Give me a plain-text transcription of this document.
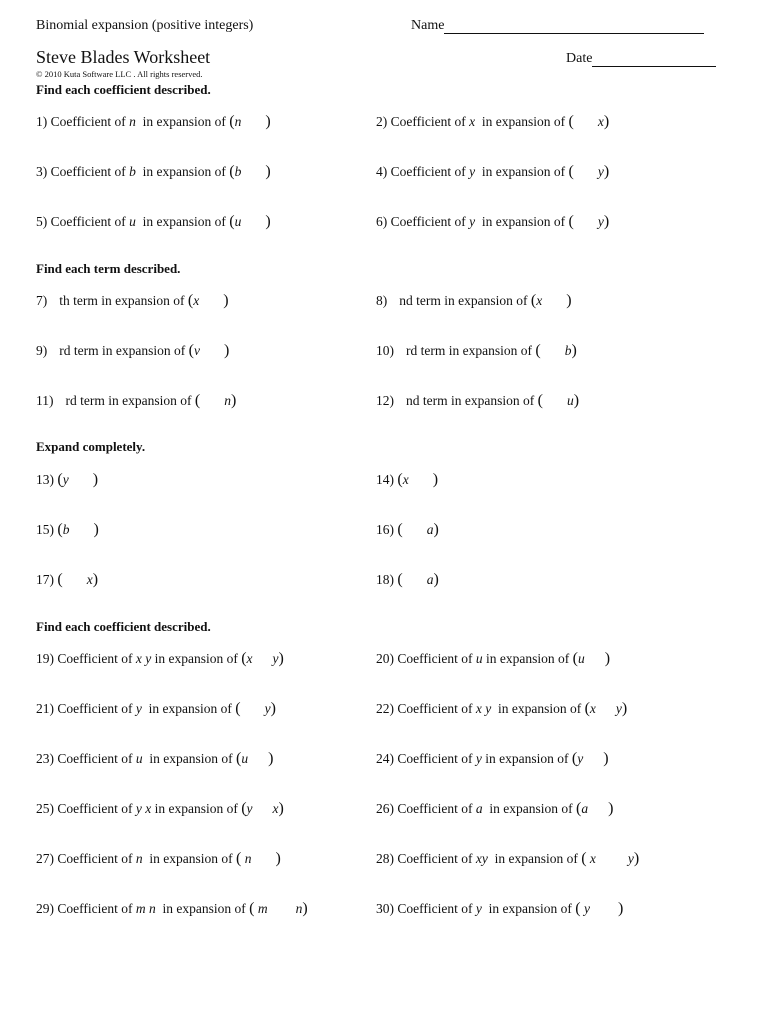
Binomial expansion (positive integers)	Name
Steve Blades Worksheet	Date
© 2010 Kuta Software LLC . All rights reserved.
Find each coefficient described.
1) Coefficient of n in expansion of (n )	2) Coefficient of x in expansion of ( x)
3) Coefficient of b in expansion of (b )	4) Coefficient of y in expansion of ( y)
5) Coefficient of u in expansion of (u )	6) Coefficient of y in expansion of ( y)
Find each term described.
7) th term in expansion of (x )	8) nd term in expansion of (x )
9) rd term in expansion of (v )	10) rd term in expansion of ( b)
11) rd term in expansion of ( n)	12) nd term in expansion of ( u)
Expand completely.
13) (y )	14) (x )
15) (b )	16) ( a)
17) ( x)	18) ( a)
Find each coefficient described.
19) Coefficient of x y in expansion of (x y)	20) Coefficient of u in expansion of (u )
21) Coefficient of y in expansion of ( y)	22) Coefficient of x y in expansion of (x y)
23) Coefficient of u in expansion of (u )	24) Coefficient of y in expansion of (y )
25) Coefficient of y x in expansion of (y x)	26) Coefficient of a in expansion of (a )
27) Coefficient of n in expansion of ( n )	28) Coefficient of xy in expansion of ( x y)
29) Coefficient of m n in expansion of ( m n)	30) Coefficient of y in expansion of ( y )
